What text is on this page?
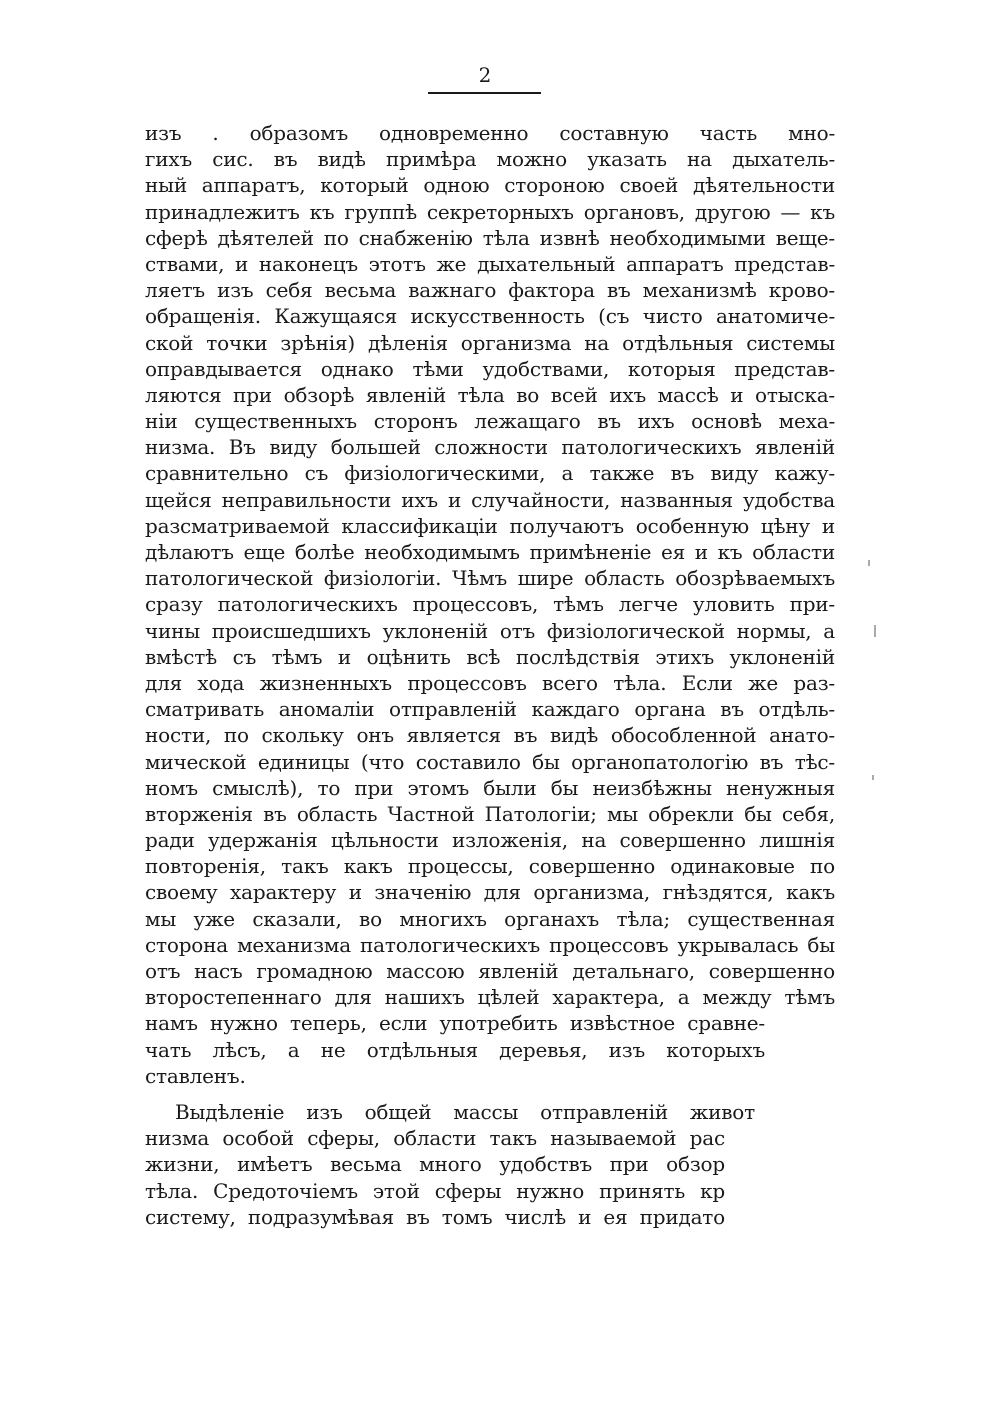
2
изъ . образомъ одновременно составную часть мно-
гихъ сис. въ видѣ примѣра можно указать на дыхатель-
ный аппаратъ, который одною стороною своей дѣятельности
принадлежитъ къ группѣ секреторныхъ органовъ, другою — къ
сферѣ дѣятелей по снабженію тѣла извнѣ необходимыми веще-
ствами, и наконецъ этотъ же дыхательный аппаратъ представ-
ляетъ изъ себя весьма важнаго фактора въ механизмѣ крово-
обращенія. Кажущаяся искусственность (съ чисто анатомиче-
ской точки зрѣнія) дѣленія организма на отдѣльныя системы
оправдывается однако тѣми удобствами, которыя представ-
ляются при обзорѣ явленій тѣла во всей ихъ массѣ и отыска-
ніи существенныхъ сторонъ лежащаго въ ихъ основѣ меха-
низма. Въ виду большей сложности патологическихъ явленій
сравнительно съ физіологическими, а также въ виду кажу-
щейся неправильности ихъ и случайности, названныя удобства
разсматриваемой классификаціи получаютъ особенную цѣну и
дѣлаютъ еще болѣе необходимымъ примѣненіе ея и къ области
патологической физіологіи. Чѣмъ шире область обозрѣваемыхъ
сразу патологическихъ процессовъ, тѣмъ легче уловить при-
чины происшедшихъ уклоненій отъ физіологической нормы, а
вмѣстѣ съ тѣмъ и оцѣнить всѣ послѣдствія этихъ уклоненій
для хода жизненныхъ процессовъ всего тѣла. Если же раз-
сматривать аномаліи отправленій каждаго органа въ отдѣль-
ности, по скольку онъ является въ видѣ обособленной анато-
мической единицы (что составило бы органопатологію въ тѣс-
номъ смыслѣ), то при этомъ были бы неизбѣжны ненужныя
вторженія въ область Частной Патологіи; мы обрекли бы себя,
ради удержанія цѣльности изложенія, на совершенно лишнія
повторенія, такъ какъ процессы, совершенно одинаковые по
своему характеру и значенію для организма, гнѣздятся, какъ
мы уже сказали, во многихъ органахъ тѣла; существенная
сторона механизма патологическихъ процессовъ укрывалась бы
отъ насъ громадною массою явленій детальнаго, совершенно
второстепеннаго для нашихъ цѣлей характера, а между тѣмъ
намъ нужно теперь, если употребить извѣстное сравне-
чать лѣсъ, а не отдѣльныя деревья, изъ которыхъ
ставленъ.
Выдѣленіе изъ общей массы отправленій живот
низма особой сферы, области такъ называемой рас
жизни, имѣетъ весьма много удобствъ при обзор
тѣла. Средоточіемъ этой сферы нужно принять кр
систему, подразумѣвая въ томъ числѣ и ея придато
